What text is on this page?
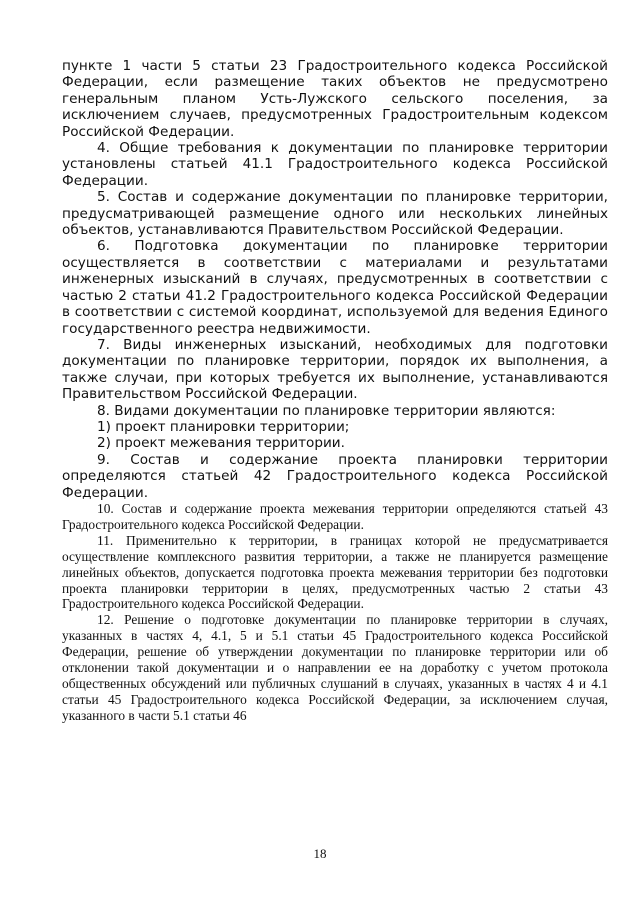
пункте 1 части 5 статьи 23 Градостроительного кодекса Российской Федерации, если размещение таких объектов не предусмотрено генеральным планом Усть-Лужского сельского поселения, за исключением случаев, предусмотренных Градостроительным кодексом Российской Федерации.

4. Общие требования к документации по планировке территории установлены статьей 41.1 Градостроительного кодекса Российской Федерации.

5. Состав и содержание документации по планировке территории, предусматривающей размещение одного или нескольких линейных объектов, устанавливаются Правительством Российской Федерации.

6. Подготовка документации по планировке территории осуществляется в соответствии с материалами и результатами инженерных изысканий в случаях, предусмотренных в соответствии с частью 2 статьи 41.2 Градостроительного кодекса Российской Федерации в соответствии с системой координат, используемой для ведения Единого государственного реестра недвижимости.

7. Виды инженерных изысканий, необходимых для подготовки документации по планировке территории, порядок их выполнения, а также случаи, при которых требуется их выполнение, устанавливаются Правительством Российской Федерации.

8. Видами документации по планировке территории являются:

1) проект планировки территории;

2) проект межевания территории.

9. Состав и содержание проекта планировки территории определяются статьей 42 Градостроительного кодекса Российской Федерации.

10. Состав и содержание проекта межевания территории определяются статьей 43 Градостроительного кодекса Российской Федерации.

11. Применительно к территории, в границах которой не предусматривается осуществление комплексного развития территории, а также не планируется размещение линейных объектов, допускается подготовка проекта межевания территории без подготовки проекта планировки территории в целях, предусмотренных частью 2 статьи 43 Градостроительного кодекса Российской Федерации.

12. Решение о подготовке документации по планировке территории в случаях, указанных в частях 4, 4.1, 5 и 5.1 статьи 45 Градостроительного кодекса Российской Федерации, решение об утверждении документации по планировке территории или об отклонении такой документации и о направлении ее на доработку с учетом протокола общественных обсуждений или публичных слушаний в случаях, указанных в частях 4 и 4.1 статьи 45 Градостроительного кодекса Российской Федерации, за исключением случая, указанного в части 5.1 статьи 46

18
